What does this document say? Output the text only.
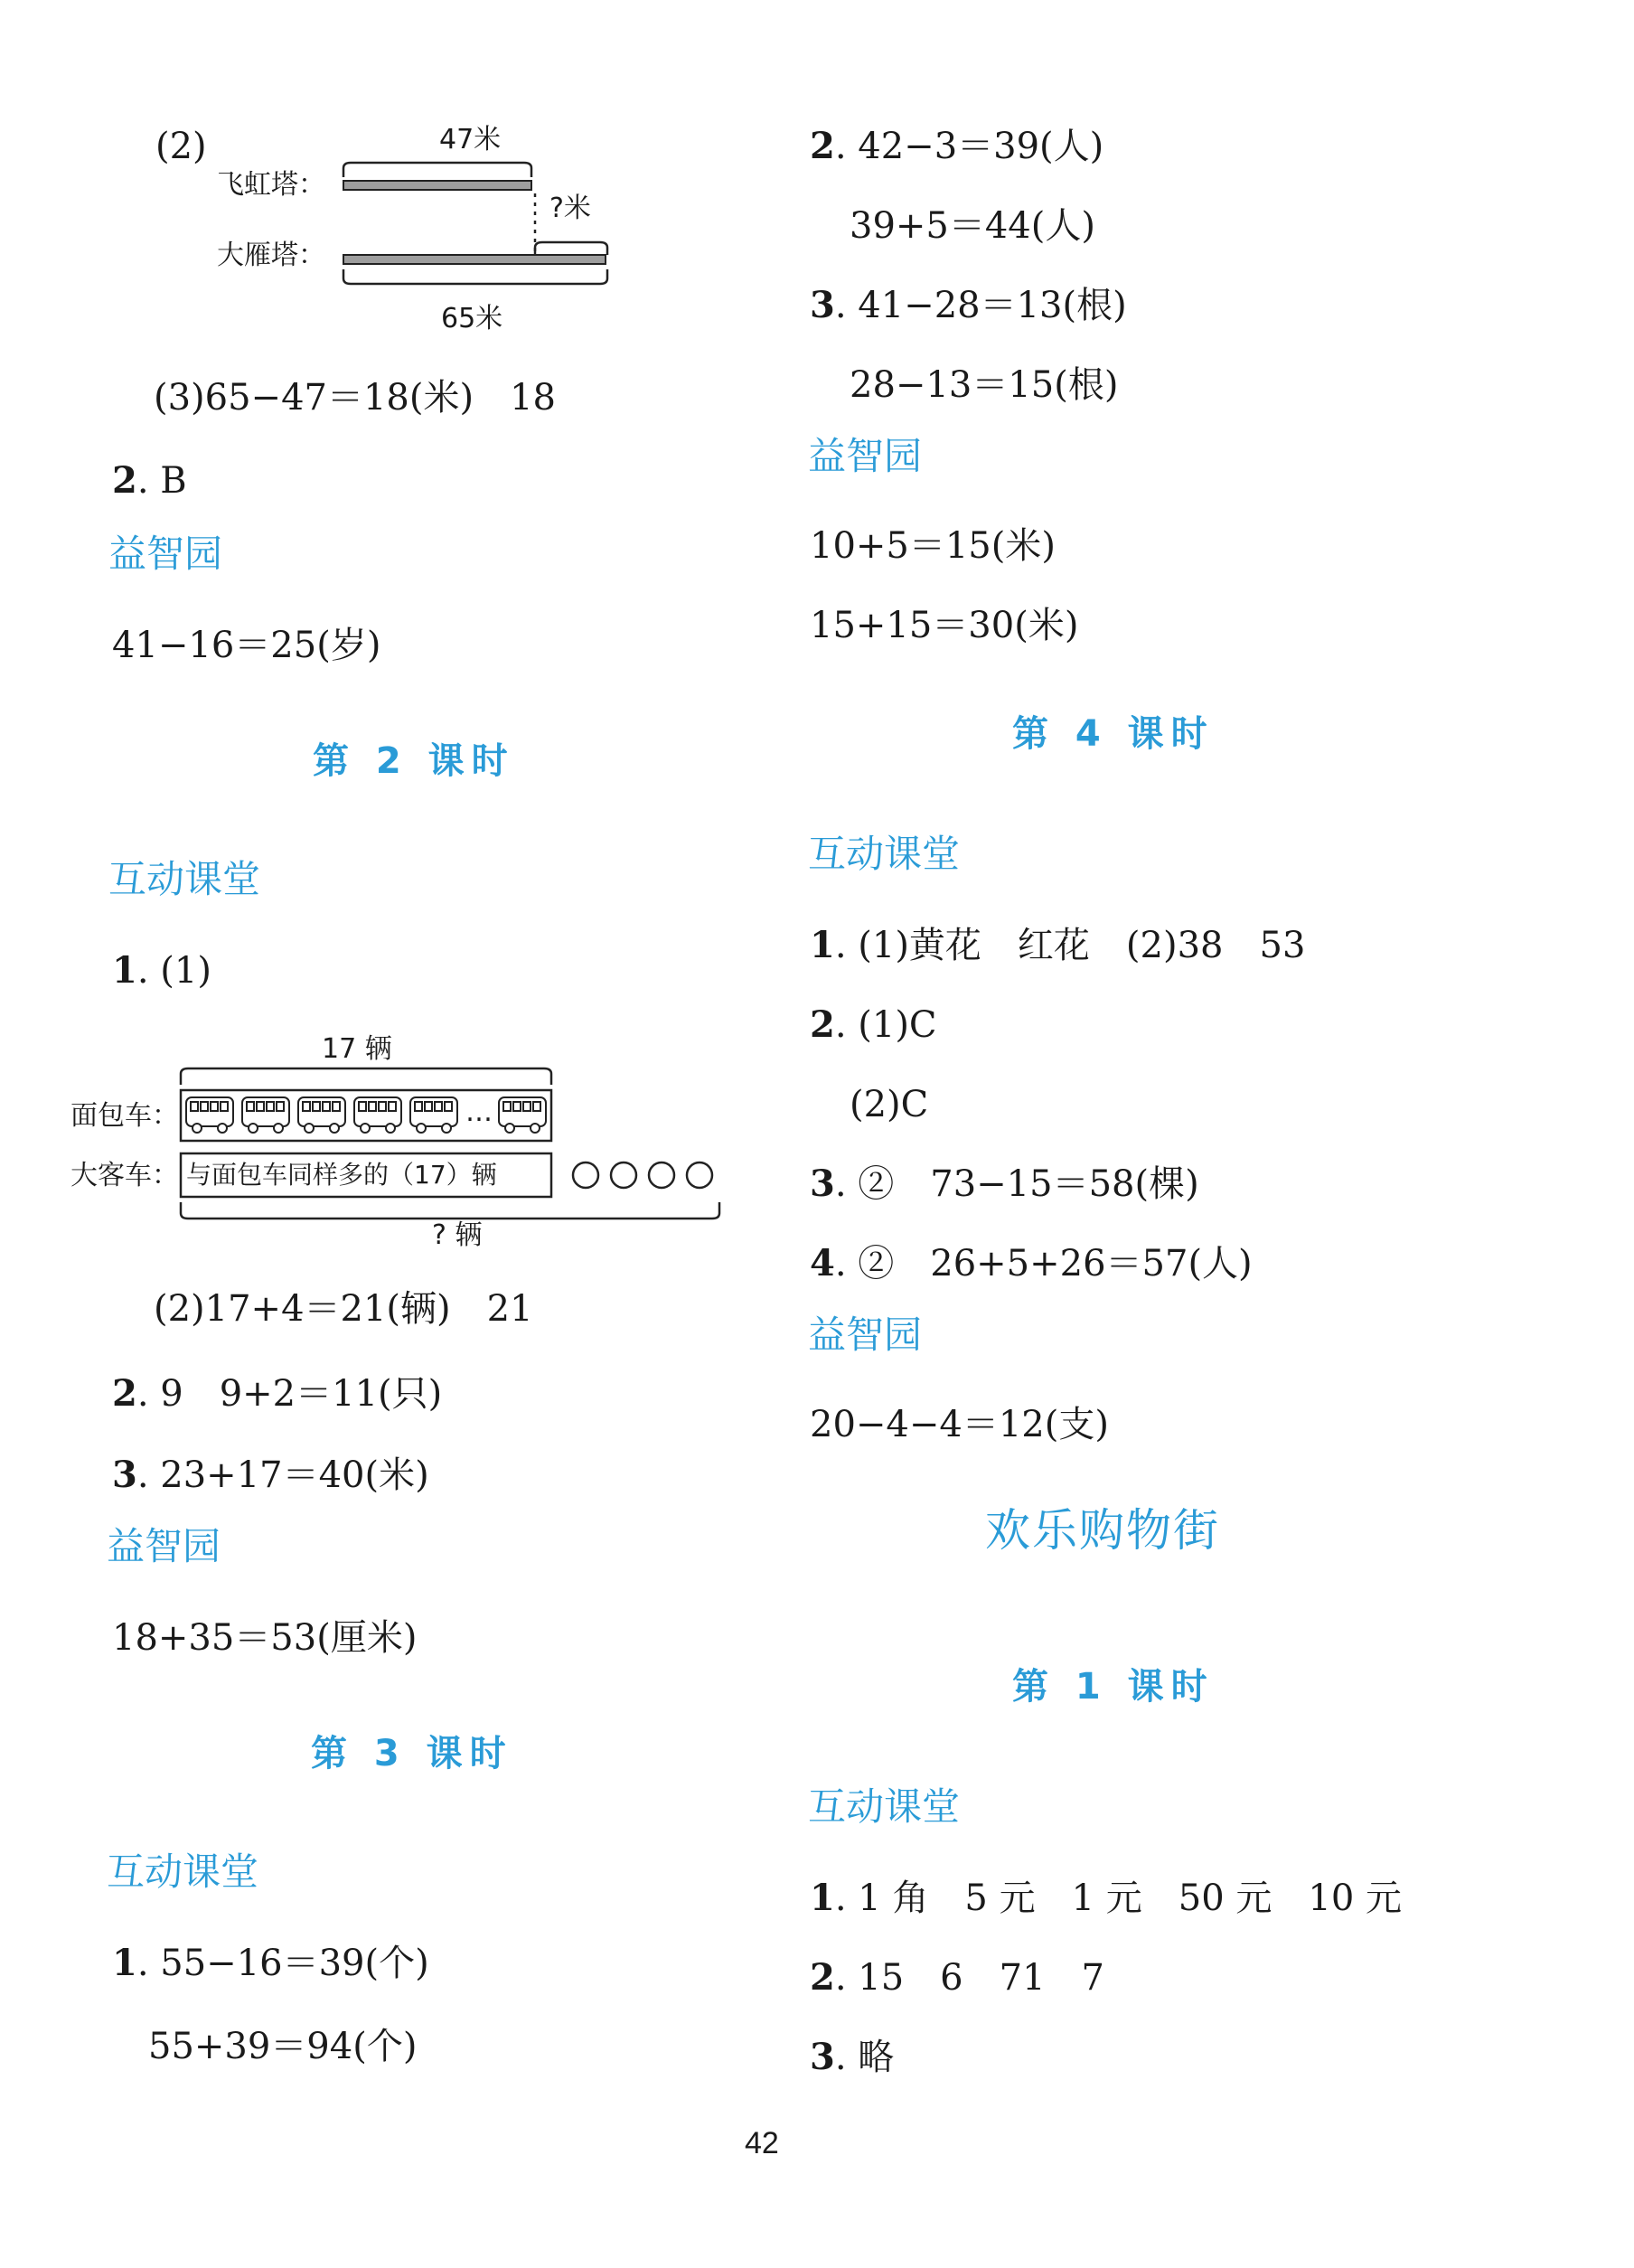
(2)	47米
飞虹塔：
大雁塔：
?米
65米
(3)65−47＝18(米)　18
2. B
益智园
41−16＝25(岁)
第 2 课时
互动课堂
1. (1)
17 辆
面包车：
大客车：
…
与面包车同样多的（17）辆
? 辆
(2)17+4＝21(辆)　21
2. 9　9+2＝11(只)
3. 23+17＝40(米)
益智园
18+35＝53(厘米)
第 3 课时
互动课堂
1. 55−16＝39(个)
55+39＝94(个)
2. 42−3＝39(人)
39+5＝44(人)
3. 41−28＝13(根)
28−13＝15(根)
益智园
10+5＝15(米)
15+15＝30(米)
第 4 课时
互动课堂
1. (1)黄花　红花　(2)38　53
2. (1)C
(2)C
3. ②　73−15＝58(棵)
4. ②　26+5+26＝57(人)
益智园
20−4−4＝12(支)
欢乐购物街
第 1 课时
互动课堂
1. 1 角　5 元　1 元　50 元　10 元
2. 15　6　71　7
3. 略
42
